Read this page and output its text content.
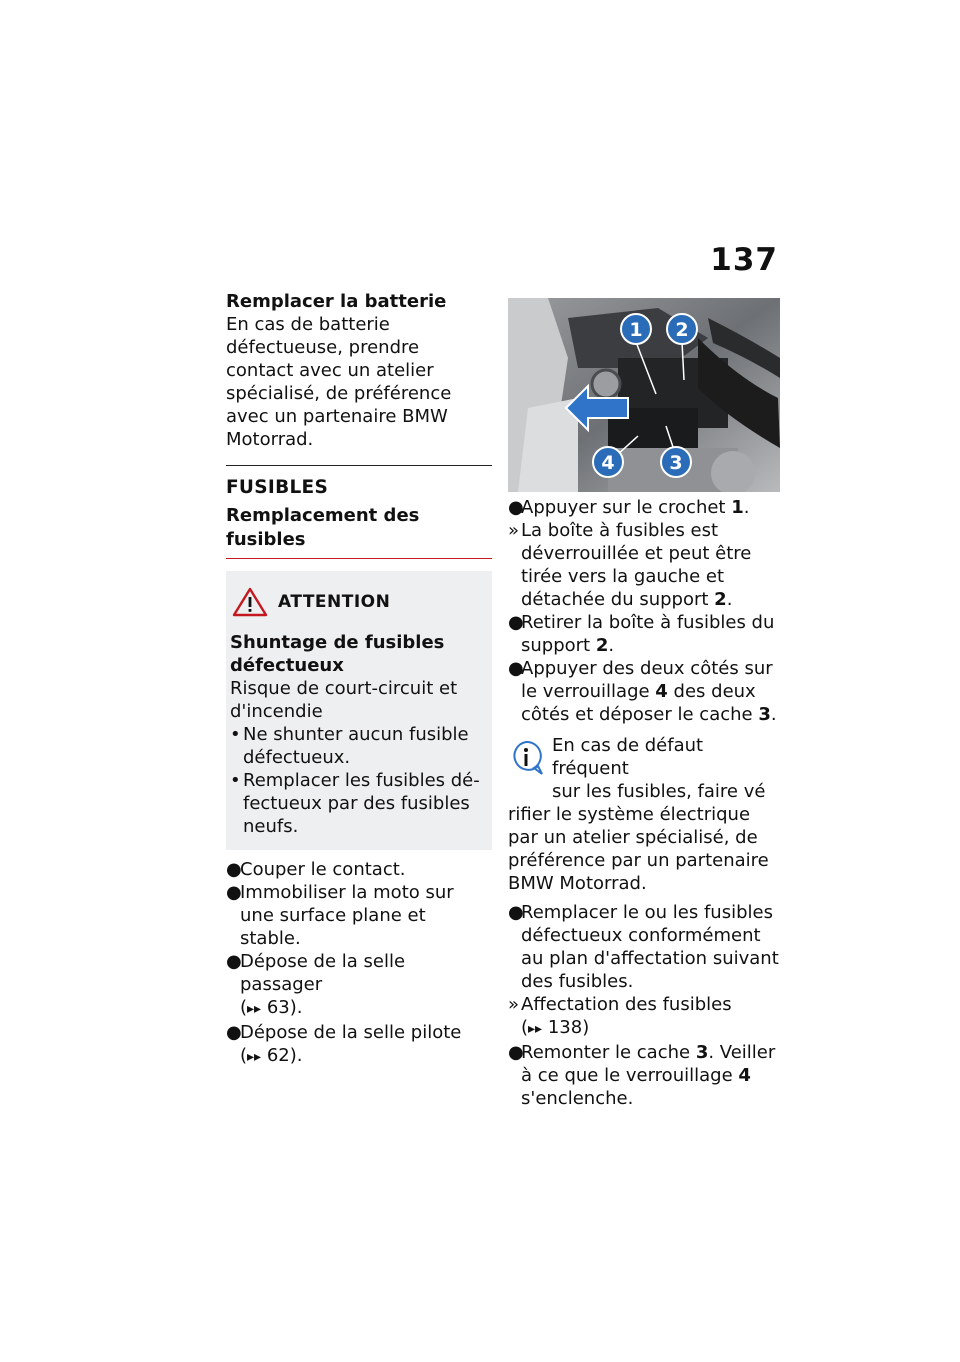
137
Remplacer la batterie
En cas de batterie défectueuse, prendre contact avec un atelier spécialisé, de préférence avec un partenaire BMW Motorrad.
FUSIBLES
Remplacement des fusibles
ATTENTION
Shuntage de fusibles défectueux
Risque de court-circuit et d'incendie
• Ne shunter aucun fusible défectueux.
• Remplacer les fusibles défectueux par des fusibles neufs.
●
Couper le contact.
●
Immobiliser la moto sur une surface plane et stable.
●
Dépose de la selle passager
(▸▸ 63).
●
Dépose de la selle pilote
(▸▸ 62).
1 2
3
4
●
Appuyer sur le crochet 1.
» La boîte à fusibles est déverrouillée et peut être tirée vers la gauche et détachée du support 2.
●
Retirer la boîte à fusibles du support 2.
●
Appuyer des deux côtés sur le verrouillage 4 des deux côtés et déposer le cache 3.
En cas de défaut fréquent
sur les fusibles, faire vé
rifier le système électrique par un atelier spécialisé, de préférence par un partenaire BMW Motorrad.
●
Remplacer le ou les fusibles défectueux conformément au plan d'affectation suivant des fusibles.
» Affectation des fusibles
(▸▸ 138)
●
Remonter le cache 3. Veiller à ce que le verrouillage 4 s'enclenche.
